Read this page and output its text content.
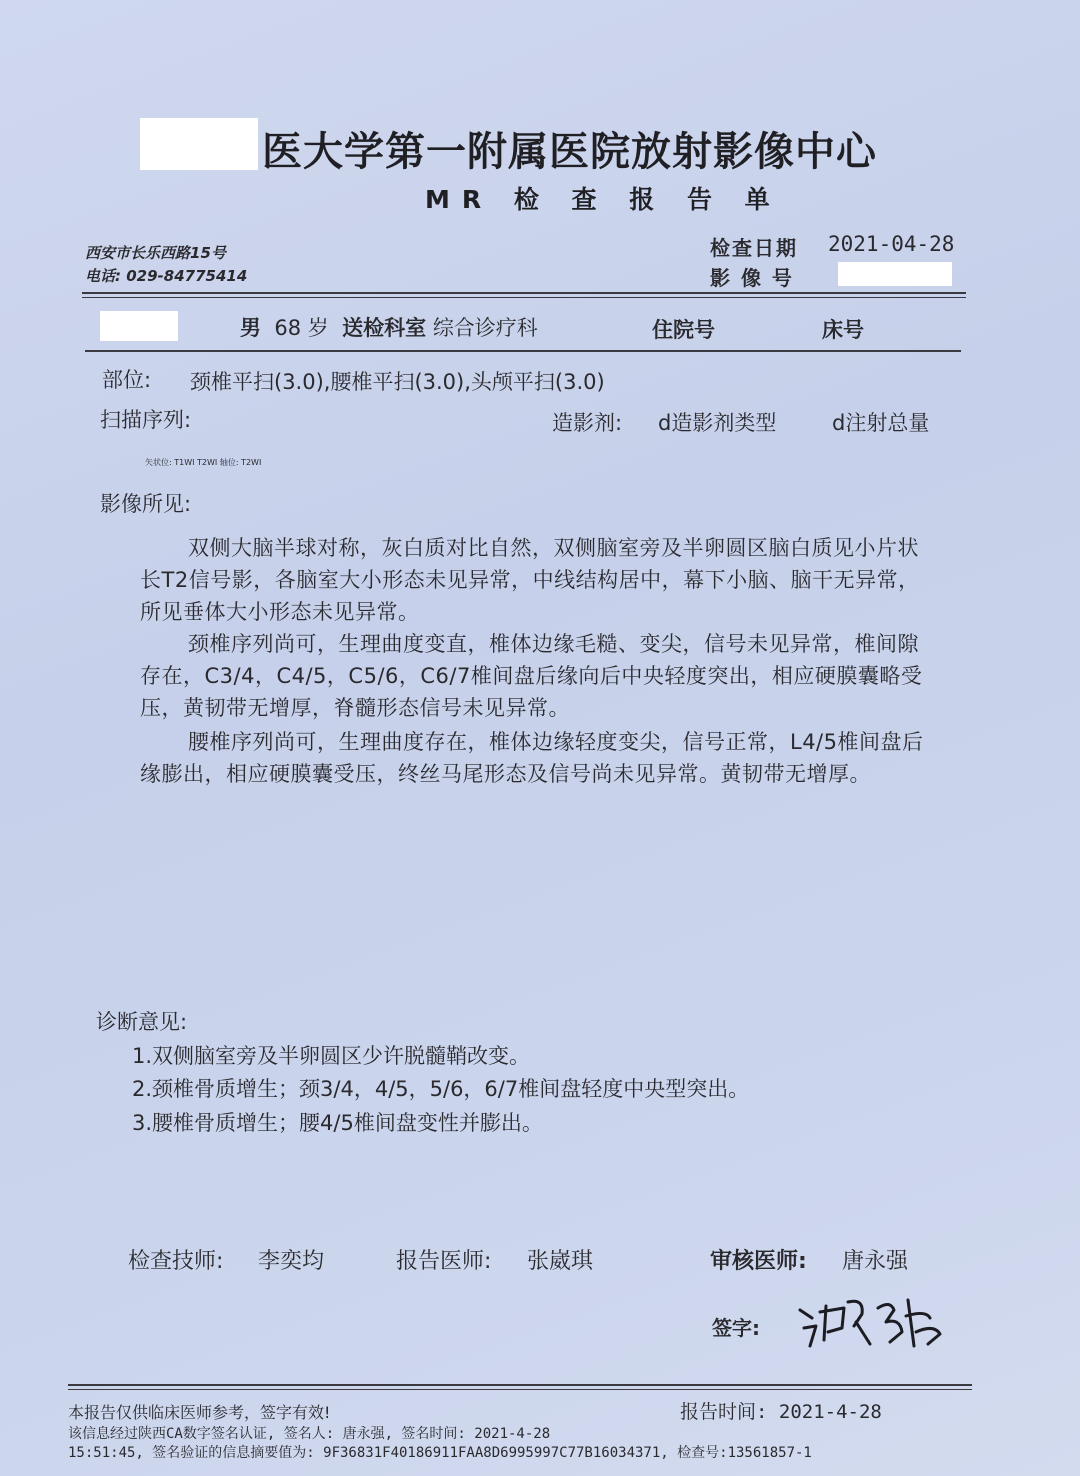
医大学第一附属医院放射影像中心
MR 检 查 报 告 单
西安市长乐西路15号
电话: 029-84775414
检查日期 2021-04-28
影 像 号
男 68 岁 送检科室 综合诊疗科	住院号	床号
部位: 颈椎平扫(3.0),腰椎平扫(3.0),头颅平扫(3.0)
扫描序列:	造影剂: d造影剂类型	d注射总量
矢状位: T1WI T2WI 轴位: T2WI
影像所见:
双侧大脑半球对称，灰白质对比自然，双侧脑室旁及半卵圆区脑白质见小片状长T2信号影，各脑室大小形态未见异常，中线结构居中，幕下小脑、脑干无异常，所见垂体大小形态未见异常。
颈椎序列尚可，生理曲度变直，椎体边缘毛糙、变尖，信号未见异常，椎间隙存在，C3/4，C4/5，C5/6，C6/7椎间盘后缘向后中央轻度突出，相应硬膜囊略受压，黄韧带无增厚，脊髓形态信号未见异常。
腰椎序列尚可，生理曲度存在，椎体边缘轻度变尖，信号正常，L4/5椎间盘后缘膨出，相应硬膜囊受压，终丝马尾形态及信号尚未见异常。黄韧带无增厚。
诊断意见:
1.双侧脑室旁及半卵圆区少许脱髓鞘改变。
2.颈椎骨质增生；颈3/4，4/5，5/6，6/7椎间盘轻度中央型突出。
3.腰椎骨质增生；腰4/5椎间盘变性并膨出。
检查技师: 李奕均	报告医师: 张崴琪	审核医师: 唐永强
签字:
本报告仅供临床医师参考，签字有效!	报告时间: 2021-4-28
该信息经过陕西CA数字签名认证, 签名人: 唐永强, 签名时间: 2021-4-28
15:51:45, 签名验证的信息摘要值为: 9F36831F40186911FAA8D6995997C77B16034371, 检查号:13561857-1
